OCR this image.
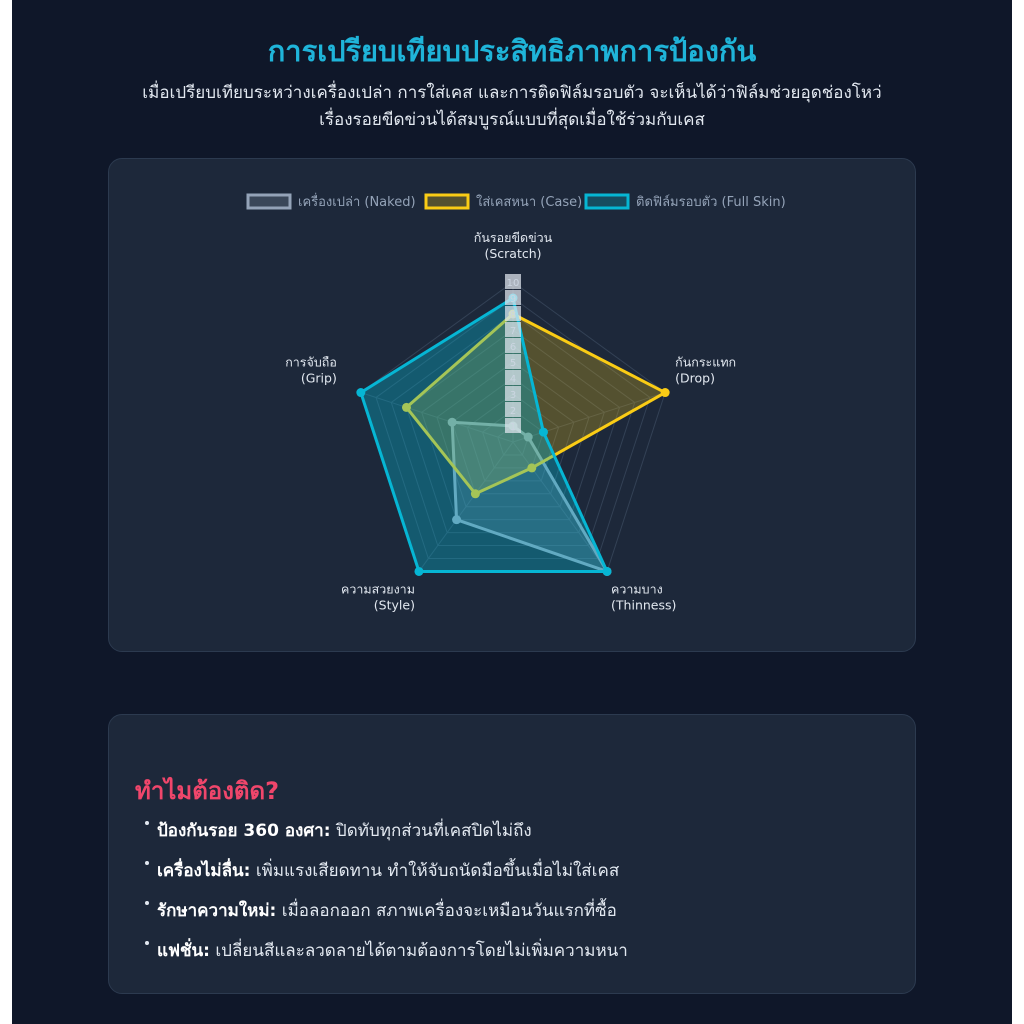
การเปรียบเทียบประสิทธิภาพการป้องกัน
เมื่อเปรียบเทียบระหว่างเครื่องเปล่า การใส่เคส และการติดฟิล์มรอบตัว จะเห็นได้ว่าฟิล์มช่วยอุดช่องโหว่
เรื่องรอยขีดข่วนได้สมบูรณ์แบบที่สุดเมื่อใช้ร่วมกับเคส
1
2
3
4
5
6
7
8
9
10
กันรอยขีดข่วน
(Scratch)
กันกระแทก
(Drop)
ความบาง
(Thinness)
ความสวยงาม
(Style)
การจับถือ
(Grip)
เครื่องเปล่า (Naked)	ใส่เคสหนา (Case)	ติดฟิล์มรอบตัว (Full Skin)
ทำไมต้องติด?
ป้องกันรอย 360 องศา: ปิดทับทุกส่วนที่เคสปิดไม่ถึง
เครื่องไม่ลื่น: เพิ่มแรงเสียดทาน ทำให้จับถนัดมือขึ้นเมื่อไม่ใส่เคส
รักษาความใหม่: เมื่อลอกออก สภาพเครื่องจะเหมือนวันแรกที่ซื้อ
แฟชั่น: เปลี่ยนสีและลวดลายได้ตามต้องการโดยไม่เพิ่มความหนา
